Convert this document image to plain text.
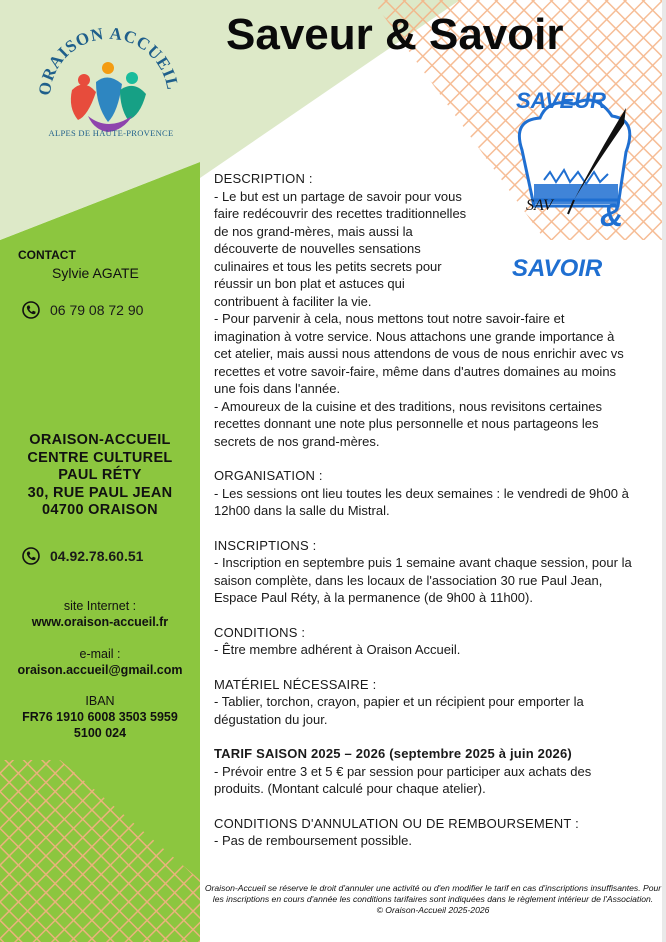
ORAISON ACCUEIL
ALPES DE HAUTE-PROVENCE
Saveur & Savoir
SAVEUR
SAV &
SAVOIR
CONTACT
Sylvie AGATE
06 79 08 72 90
ORAISON-ACCUEIL
CENTRE CULTUREL
PAUL RÉTY
30, RUE PAUL JEAN
04700 ORAISON
04.92.78.60.51
site Internet :
www.oraison-accueil.fr
e-mail :
oraison.accueil@gmail.com
IBAN
FR76 1910 6008 3503 5959
5100 024
DESCRIPTION :
- Le but est un partage de savoir pour vous
faire redécouvrir des recettes traditionnelles
de nos grand-mères, mais aussi la
découverte de nouvelles sensations
culinaires et tous les petits secrets pour
réussir un bon plat et astuces qui
contribuent à faciliter la vie.

- Pour parvenir à cela, nous mettons tout notre savoir-faire et imagination à votre service. Nous attachons une grande importance à cet atelier, mais aussi nous attendons de vous de nous enrichir avec vs recettes et votre savoir-faire, même dans d'autres domaines au moins une fois dans l'année.

- Amoureux de la cuisine et des traditions, nous revisitons certaines recettes donnant une note plus personnelle et nous partageons les secrets de nos grand-mères.

ORGANISATION :

- Les sessions ont lieu toutes les deux semaines : le vendredi de 9h00 à 12h00 dans la salle du Mistral.

INSCRIPTIONS :

- Inscription en septembre puis 1 semaine avant chaque session, pour la saison complète, dans les locaux de l'association 30 rue Paul Jean, Espace Paul Réty, à la permanence (de 9h00 à 11h00).

CONDITIONS :

- Être membre adhérent à Oraison Accueil.

MATÉRIEL NÉCESSAIRE :

- Tablier, torchon, crayon, papier et un récipient pour emporter la dégustation du jour.

TARIF SAISON 2025 – 2026 (septembre 2025 à juin 2026)

- Prévoir entre 3 et 5 € par session pour participer aux achats des produits. (Montant calculé pour chaque atelier).

CONDITIONS D'ANNULATION OU DE REMBOURSEMENT :

- Pas de remboursement possible.

Oraison-Accueil se réserve le droit d'annuler une activité ou d'en modifier le tarif en cas d'inscriptions insuffisantes. Pour les inscriptions en cours d'année les conditions tarifaires sont indiquées dans le règlement intérieur de l'Association.
© Oraison-Accueil 2025-2026
